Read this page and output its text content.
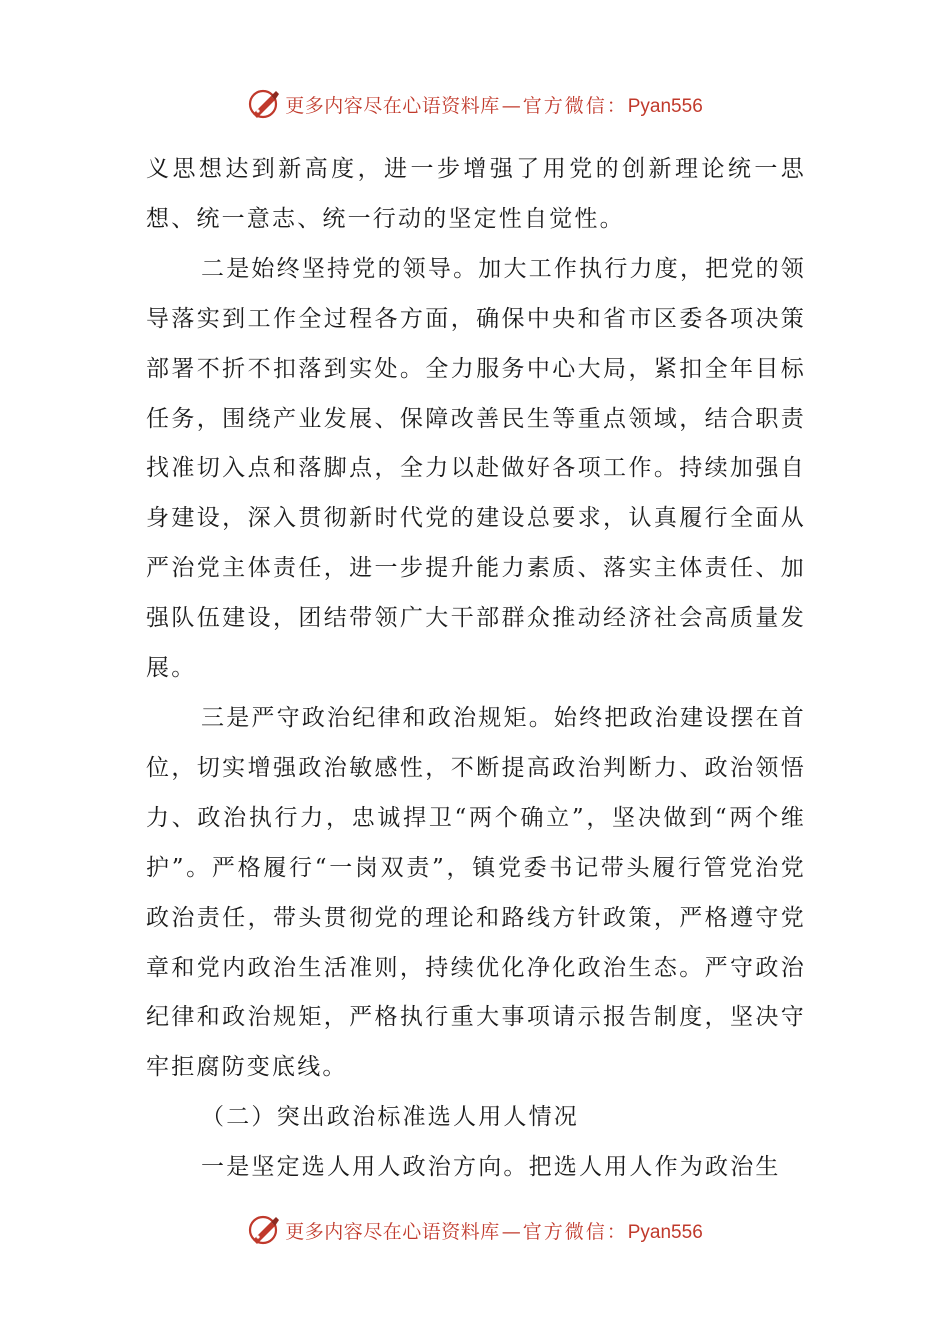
更多内容尽在心语资料库 — 官方微信： Pyan556

义思想达到新高度，进一步增强了用党的创新理论统一思想、统一意志、统一行动的坚定性自觉性。

二是始终坚持党的领导。加大工作执行力度，把党的领导落实到工作全过程各方面，确保中央和省市区委各项决策部署不折不扣落到实处。全力服务中心大局，紧扣全年目标任务，围绕产业发展、保障改善民生等重点领域，结合职责找准切入点和落脚点，全力以赴做好各项工作。持续加强自身建设，深入贯彻新时代党的建设总要求，认真履行全面从严治党主体责任，进一步提升能力素质、落实主体责任、加强队伍建设，团结带领广大干部群众推动经济社会高质量发展。

三是严守政治纪律和政治规矩。始终把政治建设摆在首位，切实增强政治敏感性，不断提高政治判断力、政治领悟力、政治执行力，忠诚捍卫“两个确立”，坚决做到“两个维护”。严格履行“一岗双责”，镇党委书记带头履行管党治党政治责任，带头贯彻党的理论和路线方针政策，严格遵守党章和党内政治生活准则，持续优化净化政治生态。严守政治纪律和政治规矩，严格执行重大事项请示报告制度，坚决守牢拒腐防变底线。

（二）突出政治标准选人用人情况

一是坚定选人用人政治方向。把选人用人作为政治生

更多内容尽在心语资料库 — 官方微信： Pyan556
